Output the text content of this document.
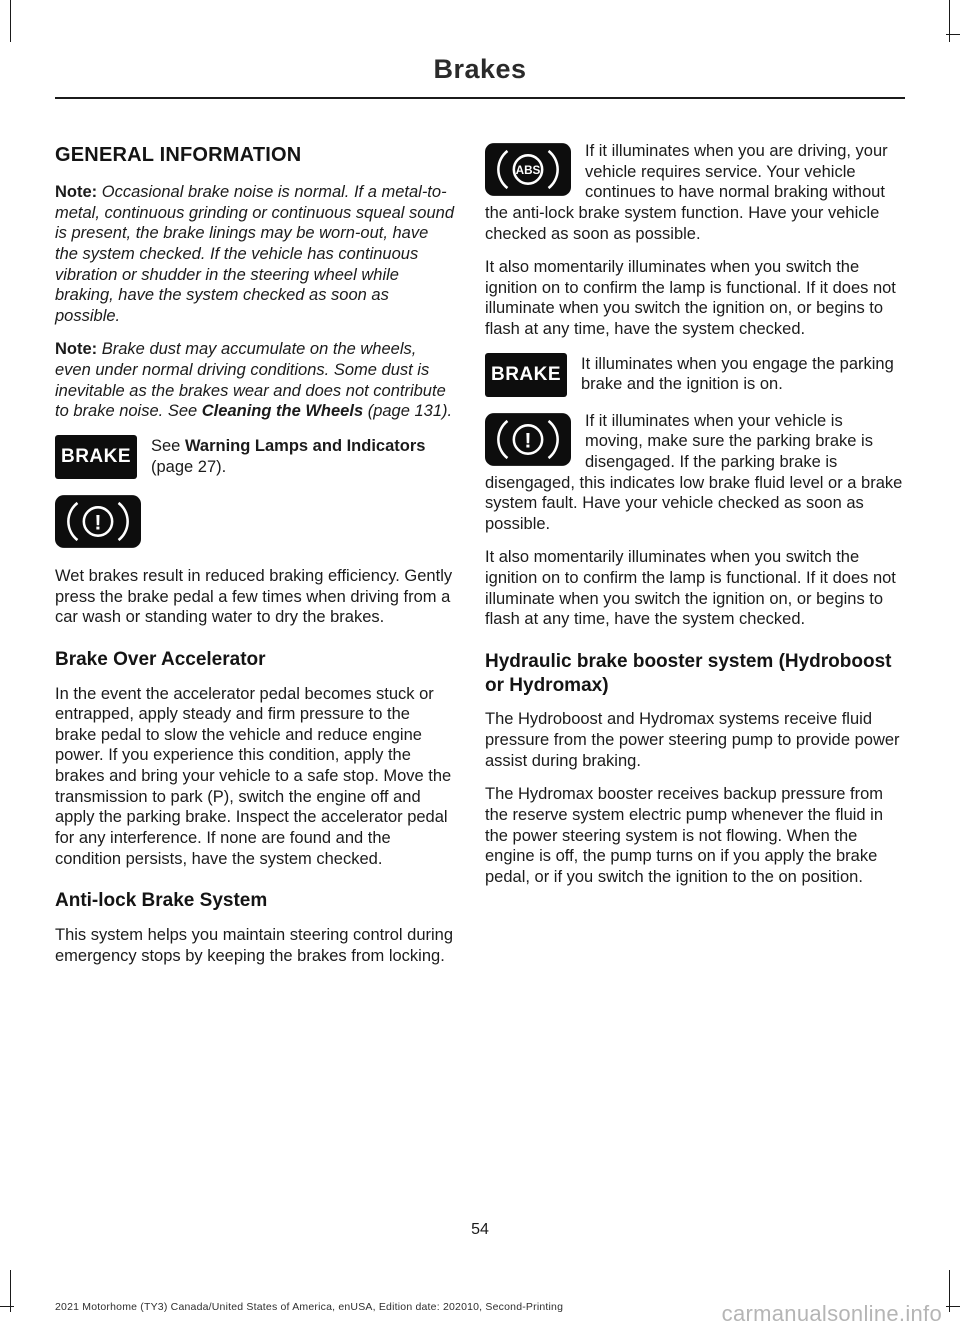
Brakes
GENERAL INFORMATION

Note: Occasional brake noise is normal. If a metal-to-metal, continuous grinding or continuous squeal sound is present, the brake linings may be worn-out, have the system checked. If the vehicle has continuous vibration or shudder in the steering wheel while braking, have the system checked as soon as possible.

Note: Brake dust may accumulate on the wheels, even under normal driving conditions. Some dust is inevitable as the brakes wear and does not contribute to brake noise. See Cleaning the Wheels (page 131).

BRAKE
See Warning Lamps and Indicators (page 27).
!

Wet brakes result in reduced braking efficiency. Gently press the brake pedal a few times when driving from a car wash or standing water to dry the brakes.

Brake Over Accelerator

In the event the accelerator pedal becomes stuck or entrapped, apply steady and firm pressure to the brake pedal to slow the vehicle and reduce engine power. If you experience this condition, apply the brakes and bring your vehicle to a safe stop. Move the transmission to park (P), switch the engine off and apply the parking brake. Inspect the accelerator pedal for any interference. If none are found and the condition persists, have the system checked.

Anti-lock Brake System

This system helps you maintain steering control during emergency stops by keeping the brakes from locking.

ABS
If it illuminates when you are driving, your vehicle requires service. Your vehicle continues to have normal braking without the anti-lock brake system function. Have your vehicle checked as soon as possible.

It also momentarily illuminates when you switch the ignition on to confirm the lamp is functional. If it does not illuminate when you switch the ignition on, or begins to flash at any time, have the system checked.

BRAKE
It illuminates when you engage the parking brake and the ignition is on.
!
If it illuminates when your vehicle is moving, make sure the parking brake is disengaged. If the parking brake is disengaged, this indicates low brake fluid level or a brake system fault. Have your vehicle checked as soon as possible.

It also momentarily illuminates when you switch the ignition on to confirm the lamp is functional. If it does not illuminate when you switch the ignition on, or begins to flash at any time, have the system checked.

Hydraulic brake booster system (Hydroboost or Hydromax)

The Hydroboost and Hydromax systems receive fluid pressure from the power steering pump to provide power assist during braking.

The Hydromax booster receives backup pressure from the reserve system electric pump whenever the fluid in the power steering system is not flowing. When the engine is off, the pump turns on if you apply the brake pedal, or if you switch the ignition to the on position.

54
2021 Motorhome (TY3) Canada/United States of America, enUSA, Edition date: 202010, Second-Printing	carmanualsonline.info
